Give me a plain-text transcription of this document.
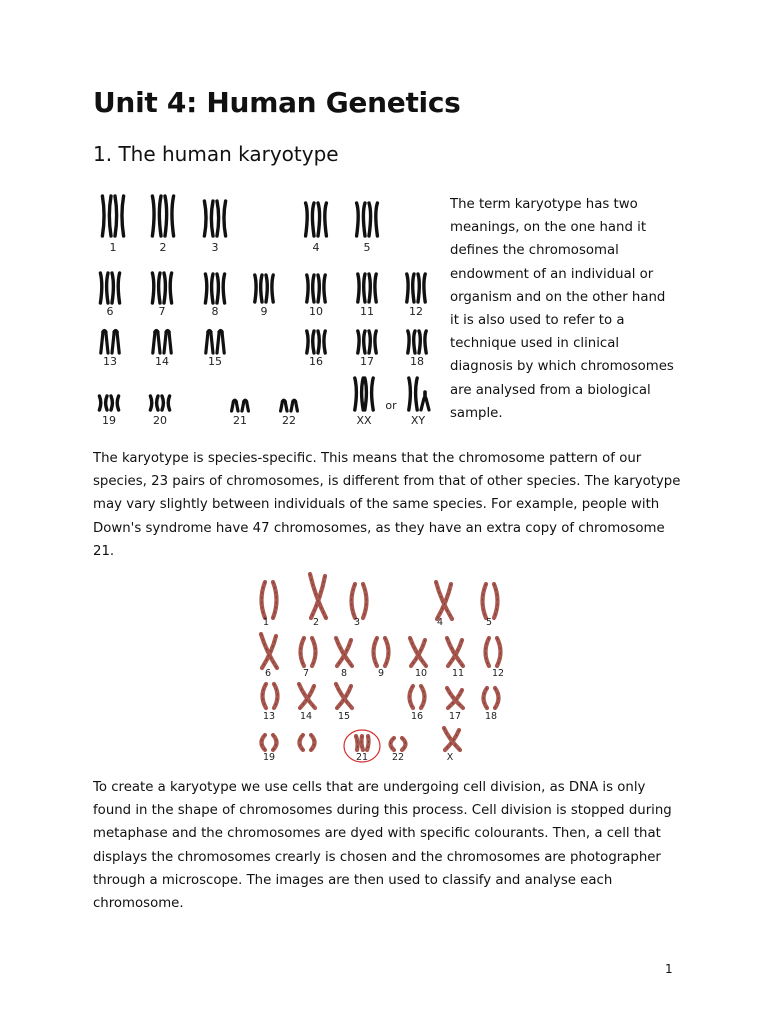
Unit 4: Human Genetics
1. The human karyotype
1	2	3	4	5
6	7	8	9	10	11	12
13	14	15	16	17	18
19	20	21	22	XX
or
XY

The term karyotype has two meanings, on the one hand it defines the chromosomal endowment of an individual or organism and on the other hand it is also used to refer to a technique used in clinical diagnosis by which chromosomes are analysed from a biological sample.

The karyotype is species-specific. This means that the chromosome pattern of our species, 23 pairs of chromosomes, is different from that of other species. The karyotype may vary slightly between individuals of the same species. For example, people with Down's syndrome have 47 chromosomes, as they have an extra copy of chromosome 21.

1	2	3	4	5
6	7	8	9	10	11	12
13	14	15	16	17	18
19	21	22	X

To create a karyotype we use cells that are undergoing cell division, as DNA is only found in the shape of chromosomes during this process. Cell division is stopped during metaphase and the chromosomes are dyed with specific colourants. Then, a cell that displays the chromosomes crearly is chosen and the chromosomes are photographer through a microscope. The images are then used to classify and analyse each chromosome.

1
